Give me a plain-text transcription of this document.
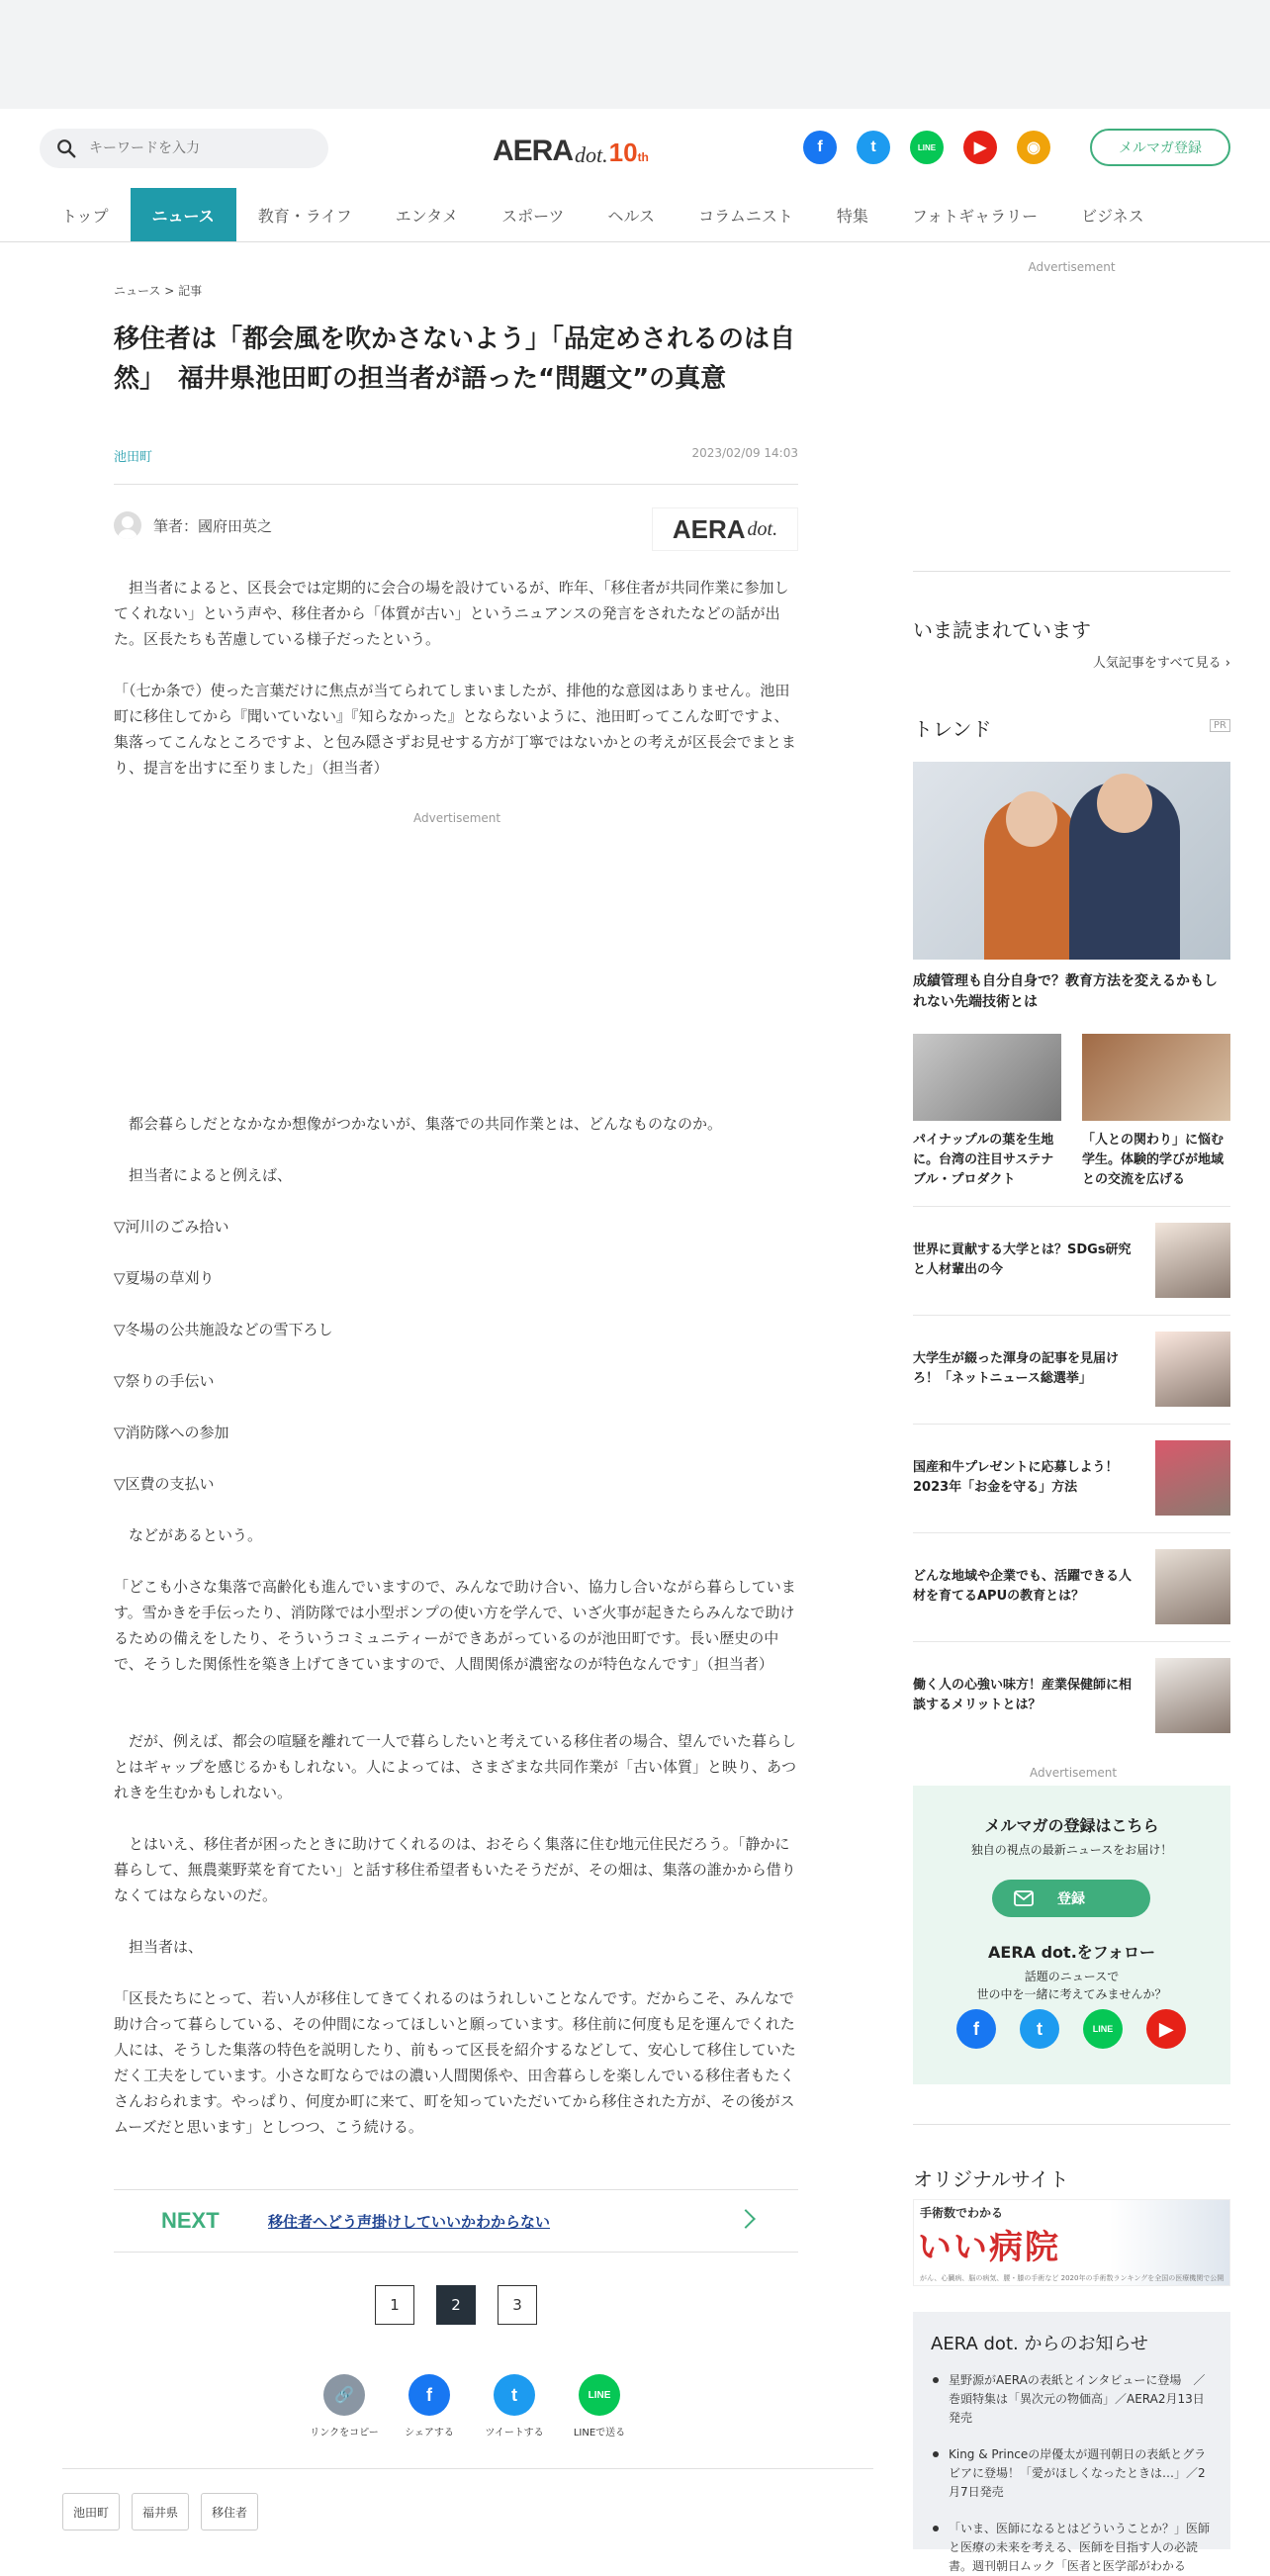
キーワードを入力
AERA dot. 10th
f	t	LINE	▶	◉	メルマガ登録
トップ	ニュース	教育・ライフ	エンタメ	スポーツ	ヘルス	コラムニスト	特集	フォトギャラリー	ビジネス
ニュース > 記事
移住者は「都会風を吹かさないよう」「品定めされるのは自然」　福井県池田町の担当者が語った“問題文”の真意
池田町	2023/02/09 14:03
筆者：國府田英之	AERA dot.

　担当者によると、区長会では定期的に会合の場を設けているが、昨年、「移住者が共同作業に参加してくれない」という声や、移住者から「体質が古い」というニュアンスの発言をされたなどの話が出た。区長たちも苦慮している様子だったという。

「（七か条で）使った言葉だけに焦点が当てられてしまいましたが、排他的な意図はありません。池田町に移住してから『聞いていない』『知らなかった』とならないように、池田町ってこんな町ですよ、集落ってこんなところですよ、と包み隠さずお見せする方が丁寧ではないかとの考えが区長会でまとまり、提言を出すに至りました」（担当者）

Advertisement

　都会暮らしだとなかなか想像がつかないが、集落での共同作業とは、どんなものなのか。

　担当者によると例えば、

▽河川のごみ拾い

▽夏場の草刈り

▽冬場の公共施設などの雪下ろし

▽祭りの手伝い

▽消防隊への参加

▽区費の支払い

　などがあるという。

「どこも小さな集落で高齢化も進んでいますので、みんなで助け合い、協力し合いながら暮らしています。雪かきを手伝ったり、消防隊では小型ポンプの使い方を学んで、いざ火事が起きたらみんなで助けるための備えをしたり、そういうコミュニティーができあがっているのが池田町です。長い歴史の中で、そうした関係性を築き上げてきていますので、人間関係が濃密なのが特色なんです」（担当者）

　だが、例えば、都会の喧騒を離れて一人で暮らしたいと考えている移住者の場合、望んでいた暮らしとはギャップを感じるかもしれない。人によっては、さまざまな共同作業が「古い体質」と映り、あつれきを生むかもしれない。

　とはいえ、移住者が困ったときに助けてくれるのは、おそらく集落に住む地元住民だろう。「静かに暮らして、無農薬野菜を育てたい」と話す移住希望者もいたそうだが、その畑は、集落の誰かから借りなくてはならないのだ。

　担当者は、

「区長たちにとって、若い人が移住してきてくれるのはうれしいことなんです。だからこそ、みんなで助け合って暮らしている、その仲間になってほしいと願っています。移住前に何度も足を運んでくれた人には、そうした集落の特色を説明したり、前もって区長を紹介するなどして、安心して移住していただく工夫をしています。小さな町ならではの濃い人間関係や、田舎暮らしを楽しんでいる移住者もたくさんおられます。やっぱり、何度か町に来て、町を知っていただいてから移住された方が、その後がスムーズだと思います」としつつ、こう続ける。

NEXT	移住者へどう声掛けしていいかわからない
1	2	3
🔗
リンクをコピー
f
シェアする
t
ツイートする
LINE
LINEで送る
池田町	福井県	移住者
Advertisement
いま読まれています
人気記事をすべて見る ›
トレンド	PR
成績管理も自分自身で？教育方法を変えるかもしれない先端技術とは
パイナップルの葉を生地に。台湾の注目サステナブル・プロダクト
「人との関わり」に悩む学生。体験的学びが地域との交流を広げる
世界に貢献する大学とは？SDGs研究と人材輩出の今
大学生が綴った渾身の記事を見届けろ！「ネットニュース総選挙」
国産和牛プレゼントに応募しよう！2023年「お金を守る」方法
どんな地域や企業でも、活躍できる人材を育てるAPUの教育とは？
働く人の心強い味方！産業保健師に相談するメリットとは？
Advertisement
メルマガの登録はこちら
独自の視点の最新ニュースをお届け！
登録
AERA dot.をフォロー
話題のニュースで
世の中を一緒に考えてみませんか？
f	t	LINE	▶
オリジナルサイト
手術数でわかる
いい病院
がん、心臓病、脳の病気、腰・膝の手術など 2020年の手術数ランキングを全国の医療機関で公開
AERA dot. からのお知らせ
星野源がAERAの表紙とインタビューに登場　／巻頭特集は「異次元の物価高」／AERA2月13日発売
King & Princeの岸優太が週刊朝日の表紙とグラビアに登場！「愛がほしくなったときは…」／2月7日発売
「いま、医師になるとはどういうことか？」医師と医療の未来を考える、医師を目指す人の必読書。週刊朝日ムック「医者と医学部がわかる
